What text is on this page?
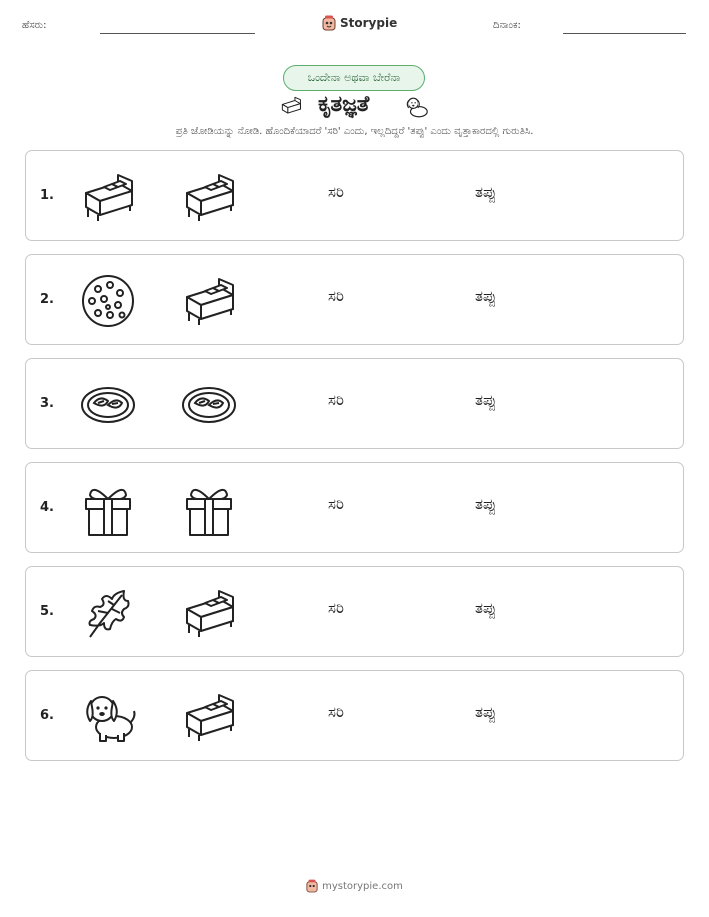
ಹೆಸರು:	Storypie	ದಿನಾಂಕ:
ಒಂದೇನಾ ಅಥವಾ ಬೇರೆನಾ
ಕೃತಜ್ಞತೆ
ಪ್ರತಿ ಜೋಡಿಯನ್ನು ನೋಡಿ. ಹೊಂದಿಕೆಯಾದರೆ 'ಸರಿ' ಎಂದು, ಇಲ್ಲದಿದ್ದರೆ 'ತಪ್ಪು' ಎಂದು ವೃತ್ತಾಕಾರದಲ್ಲಿ ಗುರುತಿಸಿ.
1.	ಸರಿ	ತಪ್ಪು
2.	ಸರಿ	ತಪ್ಪು
3.	ಸರಿ	ತಪ್ಪು
4.	ಸರಿ	ತಪ್ಪು
5.	ಸರಿ	ತಪ್ಪು
6.	ಸರಿ	ತಪ್ಪು
mystorypie.com
